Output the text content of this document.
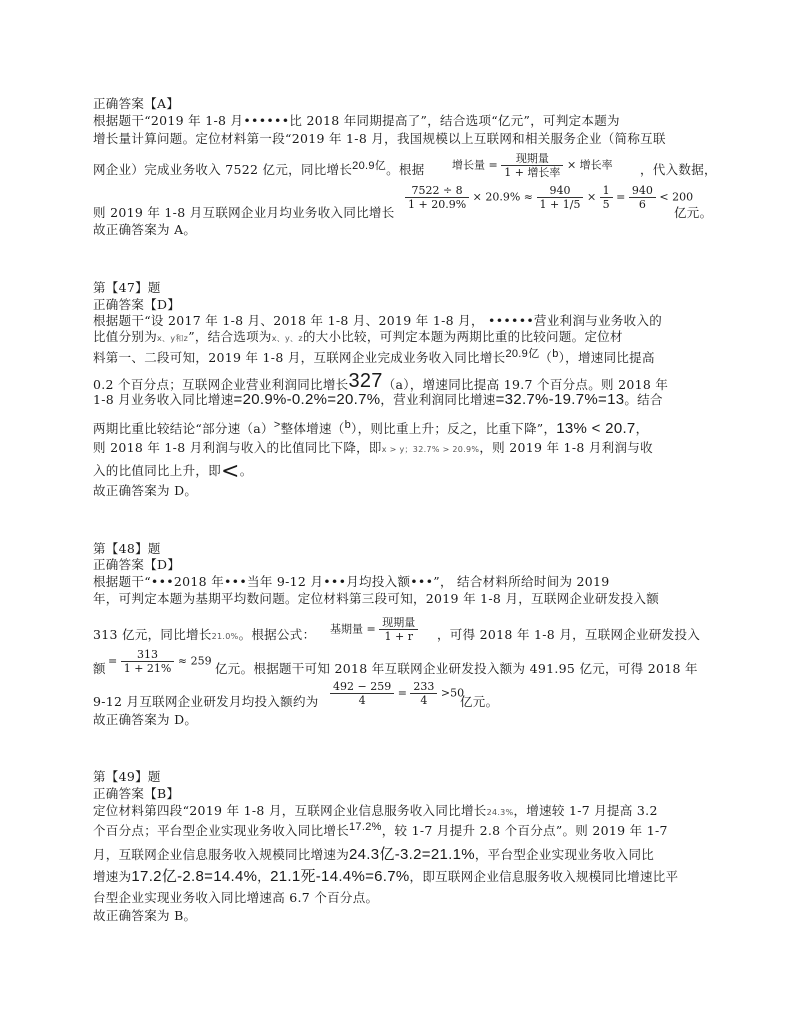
正确答案【A】
根据题干“2019 年 1-8 月••••••比 2018 年同期提高了”，结合选项“亿元”，可判定本题为
增长量计算问题。定位材料第一段“2019 年 1-8 月，我国规模以上互联网和相关服务企业（简称互联
网企业）完成业务收入 7522 亿元，同比增长20.9亿。根据	增长量 = $\frac{\text{现期量}}{\text{1 + 增长率}}$ × 增长率 ，代入数据，
则 2019 年 1-8 月互联网企业月均业务收入同比增长
$\frac{7522 \div 8}{1 + 20.9\%} \times 20.9\% \approx \frac{940}{1 + 1/5} \times \frac{1}{5} = \frac{940}{6} < 200$
亿元。
故正确答案为 A。
第【47】题
正确答案【D】
根据题干“设 2017 年 1-8 月、2018 年 1-8 月、2019 年 1-8 月， ••••••营业利润与业务收入的
比值分别为x、y和z”，结合选项为x、y、z的大小比较，可判定本题为两期比重的比较问题。定位材
料第一、二段可知，2019 年 1-8 月，互联网企业完成业务收入同比增长20.9亿（b），增速同比提高
0.2 个百分点；互联网企业营业利润同比增长327（a），增速同比提高 19.7 个百分点。则 2018 年
1-8 月业务收入同比增速=20.9%-0.2%=20.7%，营业利润同比增速=32.7%-19.7%=13。结合
两期比重比较结论“部分速（a）>整体增速（b），则比重上升；反之，比重下降”，13% < 20.7，
则 2018 年 1-8 月利润与收入的比值同比下降，即x > y；32.7% > 20.9%，则 2019 年 1-8 月利润与收
入的比值同比上升，即<。
故正确答案为 D。
第【48】题
正确答案【D】
根据题干“•••2018 年•••当年 9-12 月•••月均投入额•••”， 结合材料所给时间为 2019
年，可判定本题为基期平均数问题。定位材料第三段可知，2019 年 1-8 月，互联网企业研发投入额
313 亿元，同比增长21.0%。根据公式： 基期量 = $\frac{\text{现期量}}{1 + r}$ ，可得 2018 年 1-8 月，互联网企业研发投入
额 = $\frac{313}{1 + 21\%} \approx 259$ 亿元。根据题干可知 2018 年互联网企业研发投入额为 491.95 亿元，可得 2018 年
9-12 月互联网企业研发月均投入额约为 $\frac{492 - 259}{4} = \frac{233}{4} >50$
亿元。
故正确答案为 D。
第【49】题
正确答案【B】
定位材料第四段“2019 年 1-8 月，互联网企业信息服务收入同比增长24.3%，增速较 1-7 月提高 3.2
个百分点；平台型企业实现业务收入同比增长17.2%，较 1-7 月提升 2.8 个百分点”。则 2019 年 1-7
月，互联网企业信息服务收入规模同比增速为24.3亿-3.2=21.1%，平台型企业实现业务收入同比
增速为17.2亿-2.8=14.4%，21.1死-14.4%=6.7%，即互联网企业信息服务收入规模同比增速比平
台型企业实现业务收入同比增速高 6.7 个百分点。
故正确答案为 B。
